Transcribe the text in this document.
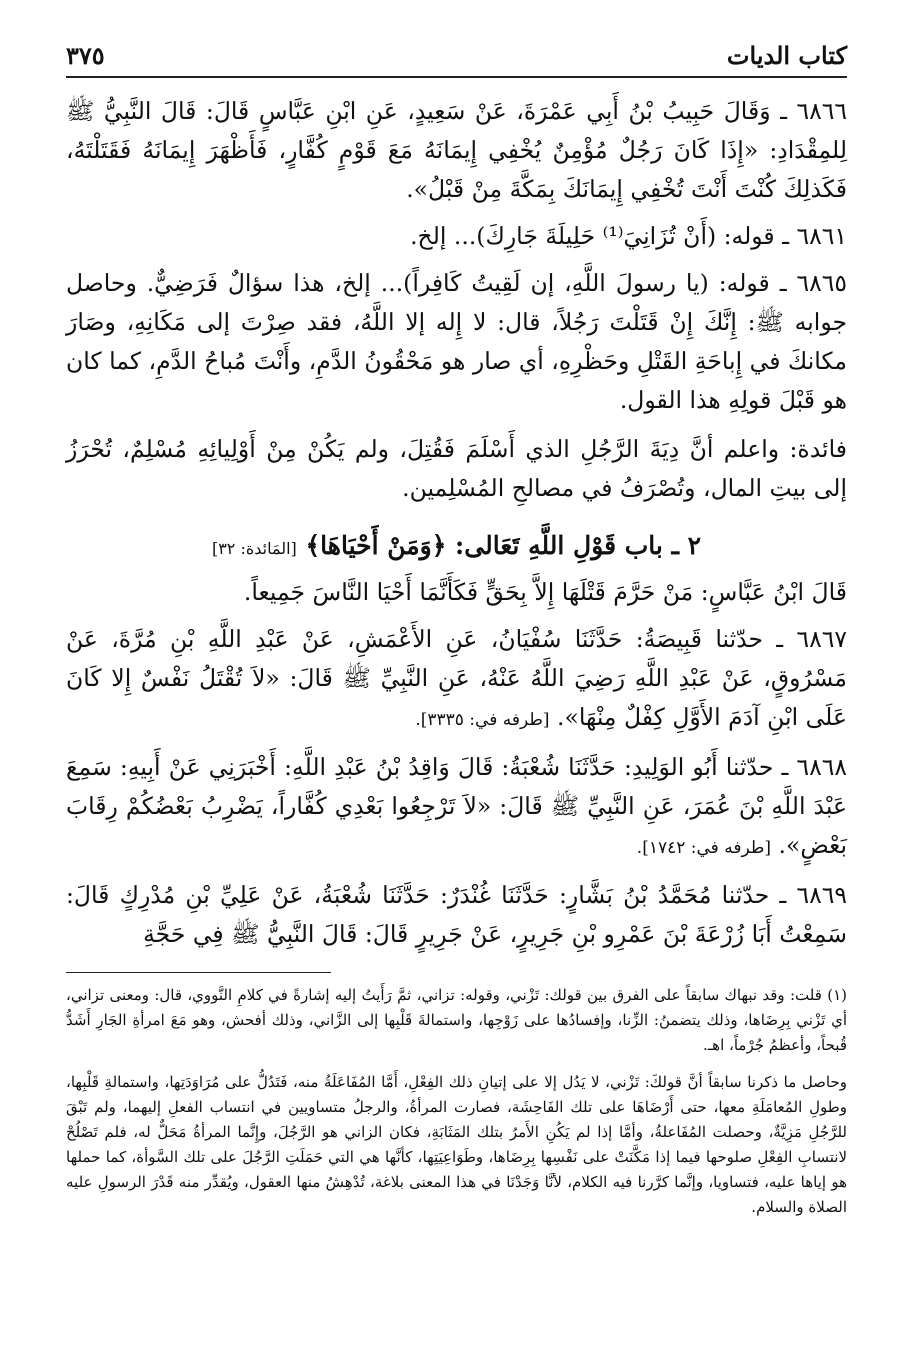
كتاب الديات
٣٧٥

٦٨٦٦ ـ وَقَالَ حَبِيبُ بْنُ أَبِي عَمْرَةَ، عَنْ سَعِيدٍ، عَنِ ابْنِ عَبَّاسٍ قَالَ: قَالَ النَّبِيُّ ﷺ لِلمِقْدَادِ: «إِذَا كَانَ رَجُلٌ مُؤْمِنٌ يُخْفِي إِيمَانَهُ مَعَ قَوْمٍ كُفَّارٍ، فَأَظْهَرَ إِيمَانَهُ فَقَتَلْتَهُ، فَكَذلِكَ كُنْتَ أَنْتَ تُخْفِي إِيمَانَكَ بِمَكَّةَ مِنْ قَبْلُ».

٦٨٦١ ـ قوله: (أَنْ تُزَانِيَ⁽¹⁾ حَلِيلَةَ جَارِكَ)... إلخ.

٦٨٦٥ ـ قوله: (يا رسولَ اللَّهِ، إن لَقِيتُ كَافِراً)... إلخ، هذا سؤالٌ فَرَضِيٌّ. وحاصل جوابه ﷺ: إِنَّكَ إِنْ قَتَلْتَ رَجُلاً، قال: لا إِله إلا اللَّهُ، فقد صِرْتَ إلى مَكَانِهِ، وصَارَ مكانكَ في إِباحَةِ القَتْلِ وحَظْرِهِ، أي صار هو مَحْقُونُ الدَّمِ، وأَنْتَ مُباحُ الدَّمِ، كما كان هو قَبْلَ قولِهِ هذا القول.

فائدة: واعلم أنَّ دِيَةَ الرَّجُلِ الذي أَسْلَمَ فَقُتِلَ، ولم يَكُنْ مِنْ أَوْلِيائِهِ مُسْلِمٌ، تُحْرَزُ إلى بيتِ المال، وتُصْرَفُ في مصالحِ المُسْلِمين.

٢ ـ باب قَوْلِ اللَّهِ تَعَالى: ﴿وَمَنْ أَحْيَاهَا﴾ [المَائدة: ٣٢]

قَالَ ابْنُ عَبَّاسٍ: مَنْ حَرَّمَ قَتْلَهَا إِلاَّ بِحَقٍّ فَكَأَنَّمَا أَحْيَا النَّاسَ جَمِيعاً.

٦٨٦٧ ـ حدّثنا قَبِيصَةُ: حَدَّثَنَا سُفْيَانُ، عَنِ الأَعْمَشِ، عَنْ عَبْدِ اللَّهِ بْنِ مُرَّةَ، عَنْ مَسْرُوقٍ، عَنْ عَبْدِ اللَّهِ رَضِيَ اللَّهُ عَنْهُ، عَنِ النَّبِيِّ ﷺ قَالَ: «لاَ تُقْتَلُ نَفْسٌ إِلا كَانَ عَلَى ابْنِ آدَمَ الأَوَّلِ كِفْلٌ مِنْهَا». [طرفه في: ٣٣٣٥].

٦٨٦٨ ـ حدّثنا أَبُو الوَلِيدِ: حَدَّثَنَا شُعْبَةُ: قَالَ وَاقِدُ بْنُ عَبْدِ اللَّهِ: أَخْبَرَنِي عَنْ أَبِيهِ: سَمِعَ عَبْدَ اللَّهِ بْنَ عُمَرَ، عَنِ النَّبِيِّ ﷺ قَالَ: «لاَ تَرْجِعُوا بَعْدِي كُفَّاراً، يَضْرِبُ بَعْضُكُمْ رِقَابَ بَعْضٍ». [طرفه في: ١٧٤٢].

٦٨٦٩ ـ حدّثنا مُحَمَّدُ بْنُ بَشَّارٍ: حَدَّثَنَا غُنْدَرٌ: حَدَّثَنَا شُعْبَةُ، عَنْ عَلِيِّ بْنِ مُدْرِكٍ قَالَ: سَمِعْتُ أَبَا زُرْعَةَ بْنَ عَمْرِو بْنِ جَرِيرٍ، عَنْ جَرِيرٍ قَالَ: قَالَ النَّبِيُّ ﷺ فِي حَجَّةِ

(١) قلت: وقد نبهاك سابقاً على الفرق بين قولك: تَزْني، وقوله: تزاني، ثمَّ رَأَيتُ إليه إشارةً في كلامِ النَّووي، قال: ومعنى تزاني، أي تَزْني بِرِضَاها، وذلك يتضمنُ: الزِّنا، وإفسادُها على زَوْجِها، واستمالةَ قَلْبِها إلى الزَّاني، وذلك أفحش، وهو مَعَ امرأةِ الجَارِ أَشَدُّ قُبحاً، وأعظمُ جُرْماً، اهـ.

وحاصل ما ذكرنا سابقاً أنَّ قولكَ: تَزْني، لا يَدُل إلا على إتيانِ ذلك الفِعْلِ، أَمَّا المُفَاعَلَةُ منه، فَتَدُلُّ على مُرَاوَدَتِها، واستمالةِ قَلْبِها، وطولِ المُعامَلَةِ معها، حتى أَرْضَاهَا على تلك الفَاحِشَة، فصارت المرأةُ، والرجلُ متساويين في انتساب الفعلِ إليهما، ولم تَبْقَ للرَّجُلِ مَزِيَّةٌ، وحصلت المُفَاعلةُ، وأمَّا إذا لم يَكُنِ الأَمرُ بتلك المَثَابَةِ، فكان الزاني هو الرَّجُلَ، وإِنَّما المرأةُ مَحَلٌّ له، فلم تَصْلُحْ لانتسابِ الفِعْلِ صلوحها فيما إذا مَكَّنَتْ على نَفْسِها بِرِضَاها، وطَوَاعِيَتِها، كأنَّها هي التي حَمَلَتِ الرَّجُلَ على تلك السَّوأة، كما حملها هو إياها عليه، فتساويا، وإنَّما كرَّرنا فيه الكلام، لأنَّا وَجَدْنَا في هذا المعنى بلاغة، تُدْهِشُ منها العقول، ويُقدِّر منه قَدْرَ الرسولِ عليه الصلاة والسلام.
